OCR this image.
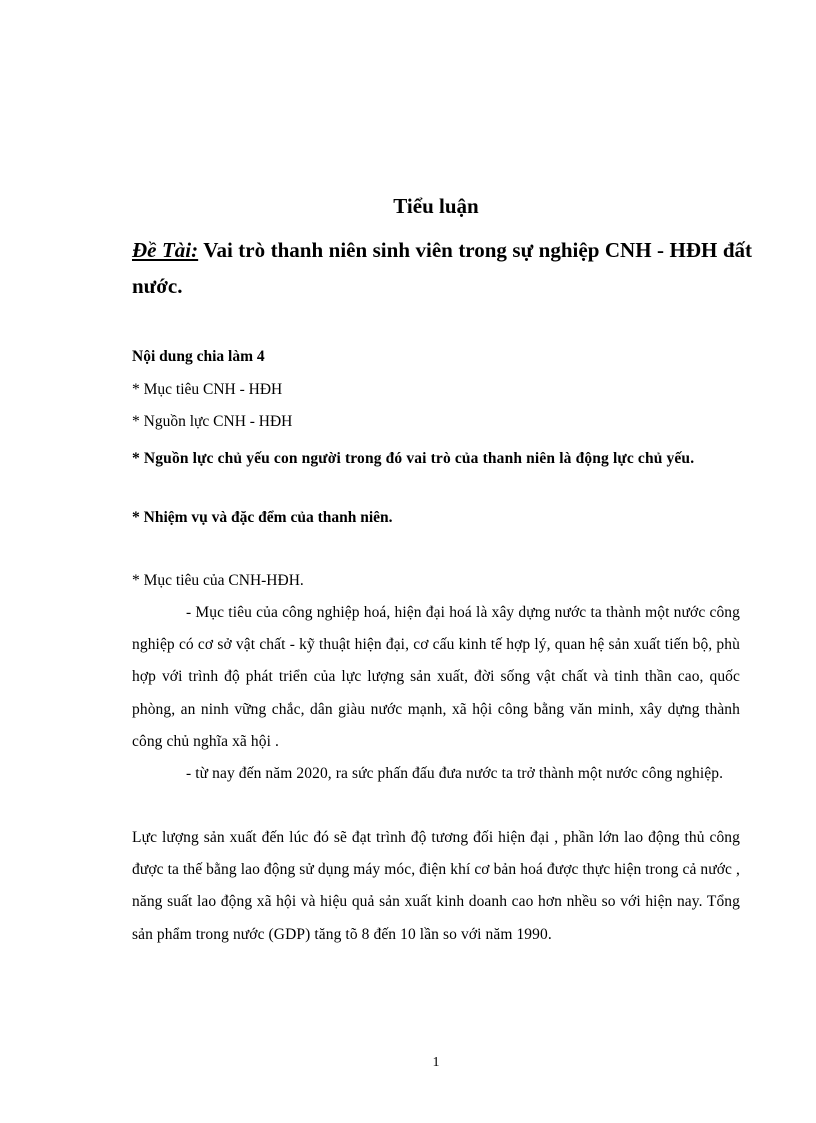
Tiểu luận
Đề Tài: Vai trò thanh niên sinh viên trong sự nghiệp CNH - HĐH đất nước.
Nội dung chia làm 4
* Mục tiêu CNH - HĐH
* Nguồn lực CNH - HĐH
* Nguồn lực chủ yếu con người trong đó vai trò của thanh niên là động lực chủ yếu.
* Nhiệm vụ và đặc đểm của thanh niên.
* Mục tiêu của CNH-HĐH.
- Mục tiêu của công nghiệp hoá, hiện đại hoá là xây dựng nước ta thành một nước công nghiệp có cơ sở vật chất - kỹ thuật hiện đại, cơ cấu kinh tế hợp lý, quan hệ sản xuất tiến bộ, phù hợp với trình độ phát triển của lực lượng sản xuất, đời sống vật chất và tinh thần cao, quốc phòng, an ninh vững chắc, dân giàu nước mạnh, xã hội công bằng văn minh, xây dựng thành công chủ nghĩa xã hội .
- từ nay đến năm 2020, ra sức phấn đấu đưa nước ta trở thành một nước công nghiệp.
Lực lượng sản xuất đến lúc đó sẽ đạt trình độ tương đối hiện đại , phần lớn lao động thủ công được ta thế bằng lao động sử dụng máy móc, điện khí cơ bản hoá được thực hiện trong cả nước , năng suất lao động xã hội và hiệu quả sản xuất kinh doanh cao hơn nhều so với hiện nay. Tổng sản phẩm trong nước (GDP) tăng tõ 8 đến 10 lần so với năm 1990.
1
